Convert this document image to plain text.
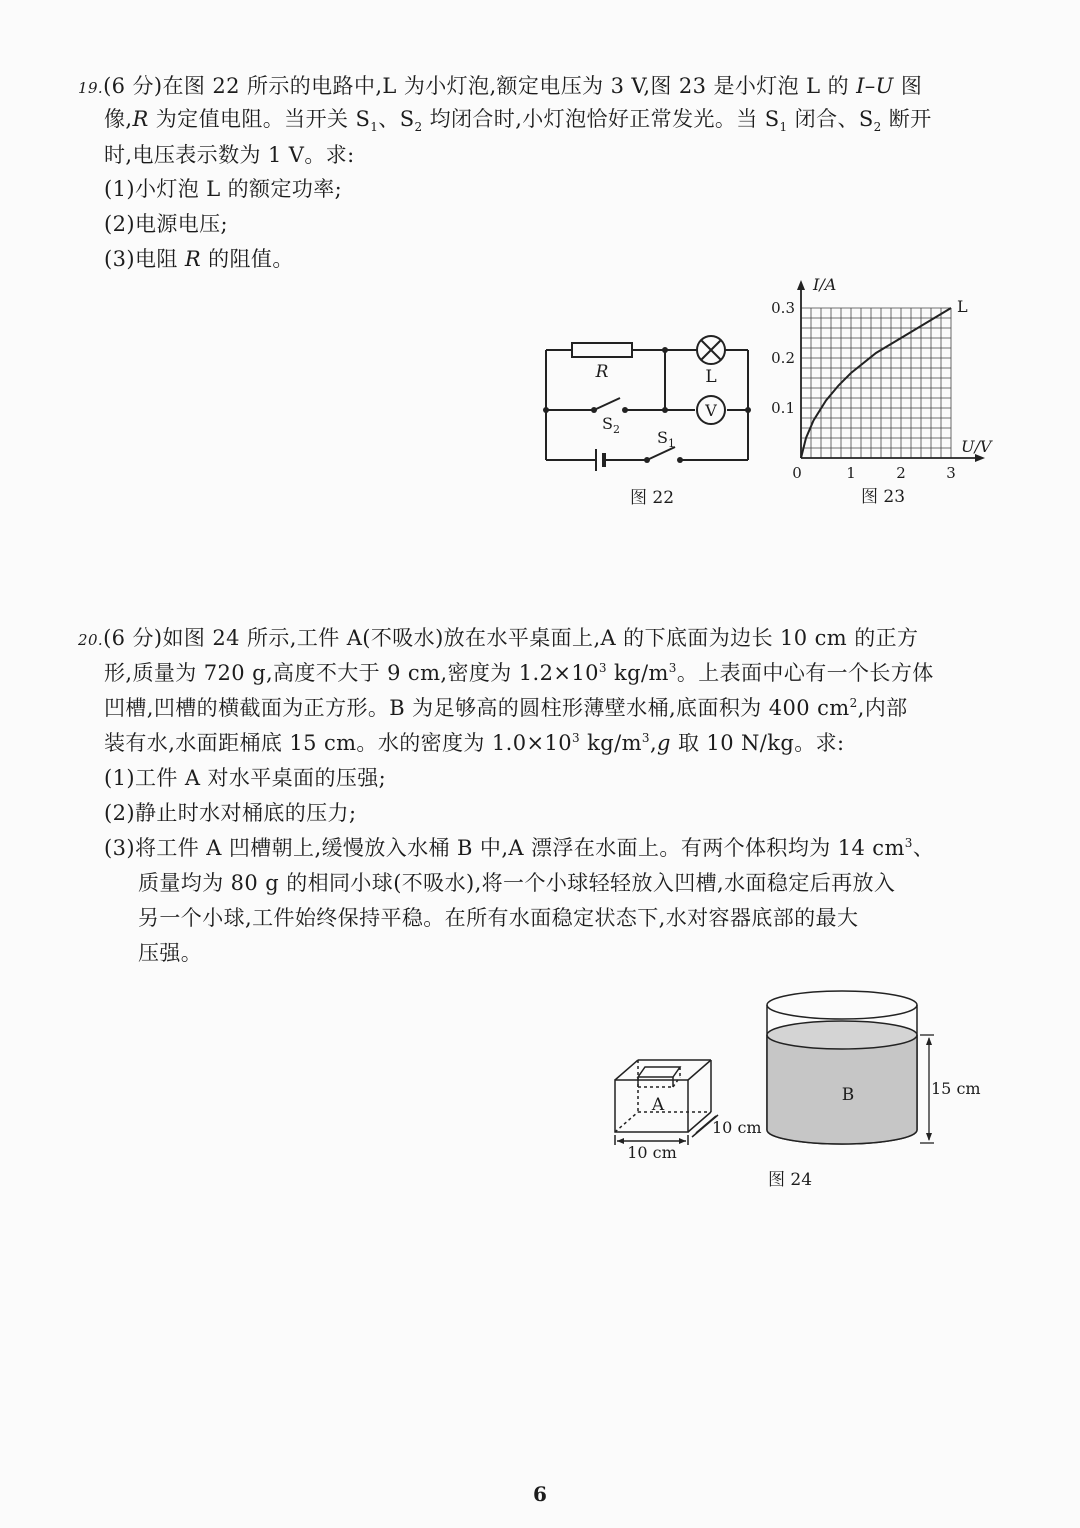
19.(6 分)在图 22 所示的电路中,L 为小灯泡,额定电压为 3 V,图 23 是小灯泡 L 的 I–U 图
像,R 为定值电阻。当开关 $S_1$、$S_2$ 均闭合时,小灯泡恰好正常发光。当 $S_1$ 闭合、$S_2$ 断开
时,电压表示数为 1 V。求:
(1)小灯泡 L 的额定功率;
(2)电源电压;
(3)电阻 R 的阻值。
V
R	L
$S_2$ $S_1$
图 22
0.3
0.2
0.1
0	1	2	3
I/A
U/V
L
图 23
20.(6 分)如图 24 所示,工件 A(不吸水)放在水平桌面上,A 的下底面为边长 10 cm 的正方
形,质量为 720 g,高度不大于 9 cm,密度为 $1.2\times 10^3$ $kg/m^3$。上表面中心有一个长方体
凹槽,凹槽的横截面为正方形。B 为足够高的圆柱形薄壁水桶,底面积为 400 $cm^2$,内部
装有水,水面距桶底 15 cm。水的密度为 $1.0\times 10^3$ $kg/m^3,g$ 取 10 N/kg。求:
(1)工件 A 对水平桌面的压强;
(2)静止时水对桶底的压力;
(3)将工件 A 凹槽朝上,缓慢放入水桶 B 中,A 漂浮在水面上。有两个体积均为 14 $cm^3$、
质量均为 80 g 的相同小球(不吸水),将一个小球轻轻放入凹槽,水面稳定后再放入
另一个小球,工件始终保持平稳。在所有水面稳定状态下,水对容器底部的最大
压强。
A
10 cm
10 cm
B	15 cm
图 24
6
